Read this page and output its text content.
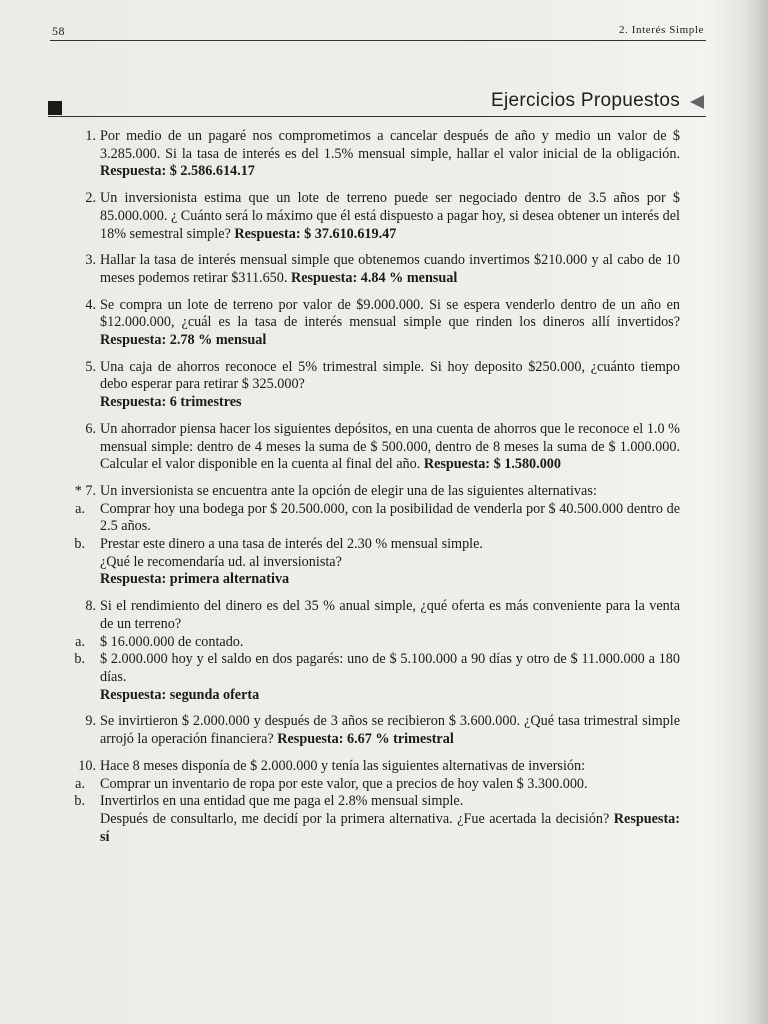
58	2. Interés Simple
Ejercicios Propuestos
1. Por medio de un pagaré nos comprometimos a cancelar después de año y medio un valor de $ 3.285.000. Si la tasa de interés es del 1.5% mensual simple, hallar el valor inicial de la obligación. Respuesta: $ 2.586.614.17
2. Un inversionista estima que un lote de terreno puede ser negociado dentro de 3.5 años por $ 85.000.000. ¿ Cuánto será lo máximo que él está dispuesto a pagar hoy, si desea obtener un interés del 18% semestral simple? Respuesta: $ 37.610.619.47
3. Hallar la tasa de interés mensual simple que obtenemos cuando invertimos $210.000 y al cabo de 10 meses podemos retirar $311.650. Respuesta: 4.84 % mensual
4. Se compra un lote de terreno por valor de $9.000.000. Si se espera venderlo dentro de un año en $12.000.000, ¿cuál es la tasa de interés mensual simple que rinden los dineros allí invertidos? Respuesta: 2.78 % mensual
5. Una caja de ahorros reconoce el 5% trimestral simple. Si hoy deposito $250.000, ¿cuánto tiempo debo esperar para retirar $ 325.000?
Respuesta: 6 trimestres
6. Un ahorrador piensa hacer los siguientes depósitos, en una cuenta de ahorros que le reconoce el 1.0 % mensual simple: dentro de 4 meses la suma de $ 500.000, dentro de 8 meses la suma de $ 1.000.000. Calcular el valor disponible en la cuenta al final del año. Respuesta: $ 1.580.000
* 7. Un inversionista se encuentra ante la opción de elegir una de las siguientes alternativas:
a. Comprar hoy una bodega por $ 20.500.000, con la posibilidad de venderla por $ 40.500.000 dentro de 2.5 años.
b. Prestar este dinero a una tasa de interés del 2.30 % mensual simple.
¿Qué le recomendaría ud. al inversionista?
Respuesta: primera alternativa
8. Si el rendimiento del dinero es del 35 % anual simple, ¿qué oferta es más conveniente para la venta de un terreno?
a. $ 16.000.000 de contado.
b. $ 2.000.000 hoy y el saldo en dos pagarés: uno de $ 5.100.000 a 90 días y otro de $ 11.000.000 a 180 días.
Respuesta: segunda oferta
9. Se invirtieron $ 2.000.000 y después de 3 años se recibieron $ 3.600.000. ¿Qué tasa trimestral simple arrojó la operación financiera? Respuesta: 6.67 % trimestral
10. Hace 8 meses disponía de $ 2.000.000 y tenía las siguientes alternativas de inversión:
a. Comprar un inventario de ropa por este valor, que a precios de hoy valen $ 3.300.000.
b. Invertirlos en una entidad que me paga el 2.8% mensual simple.
Después de consultarlo, me decidí por la primera alternativa. ¿Fue acertada la decisión? Respuesta: sí
